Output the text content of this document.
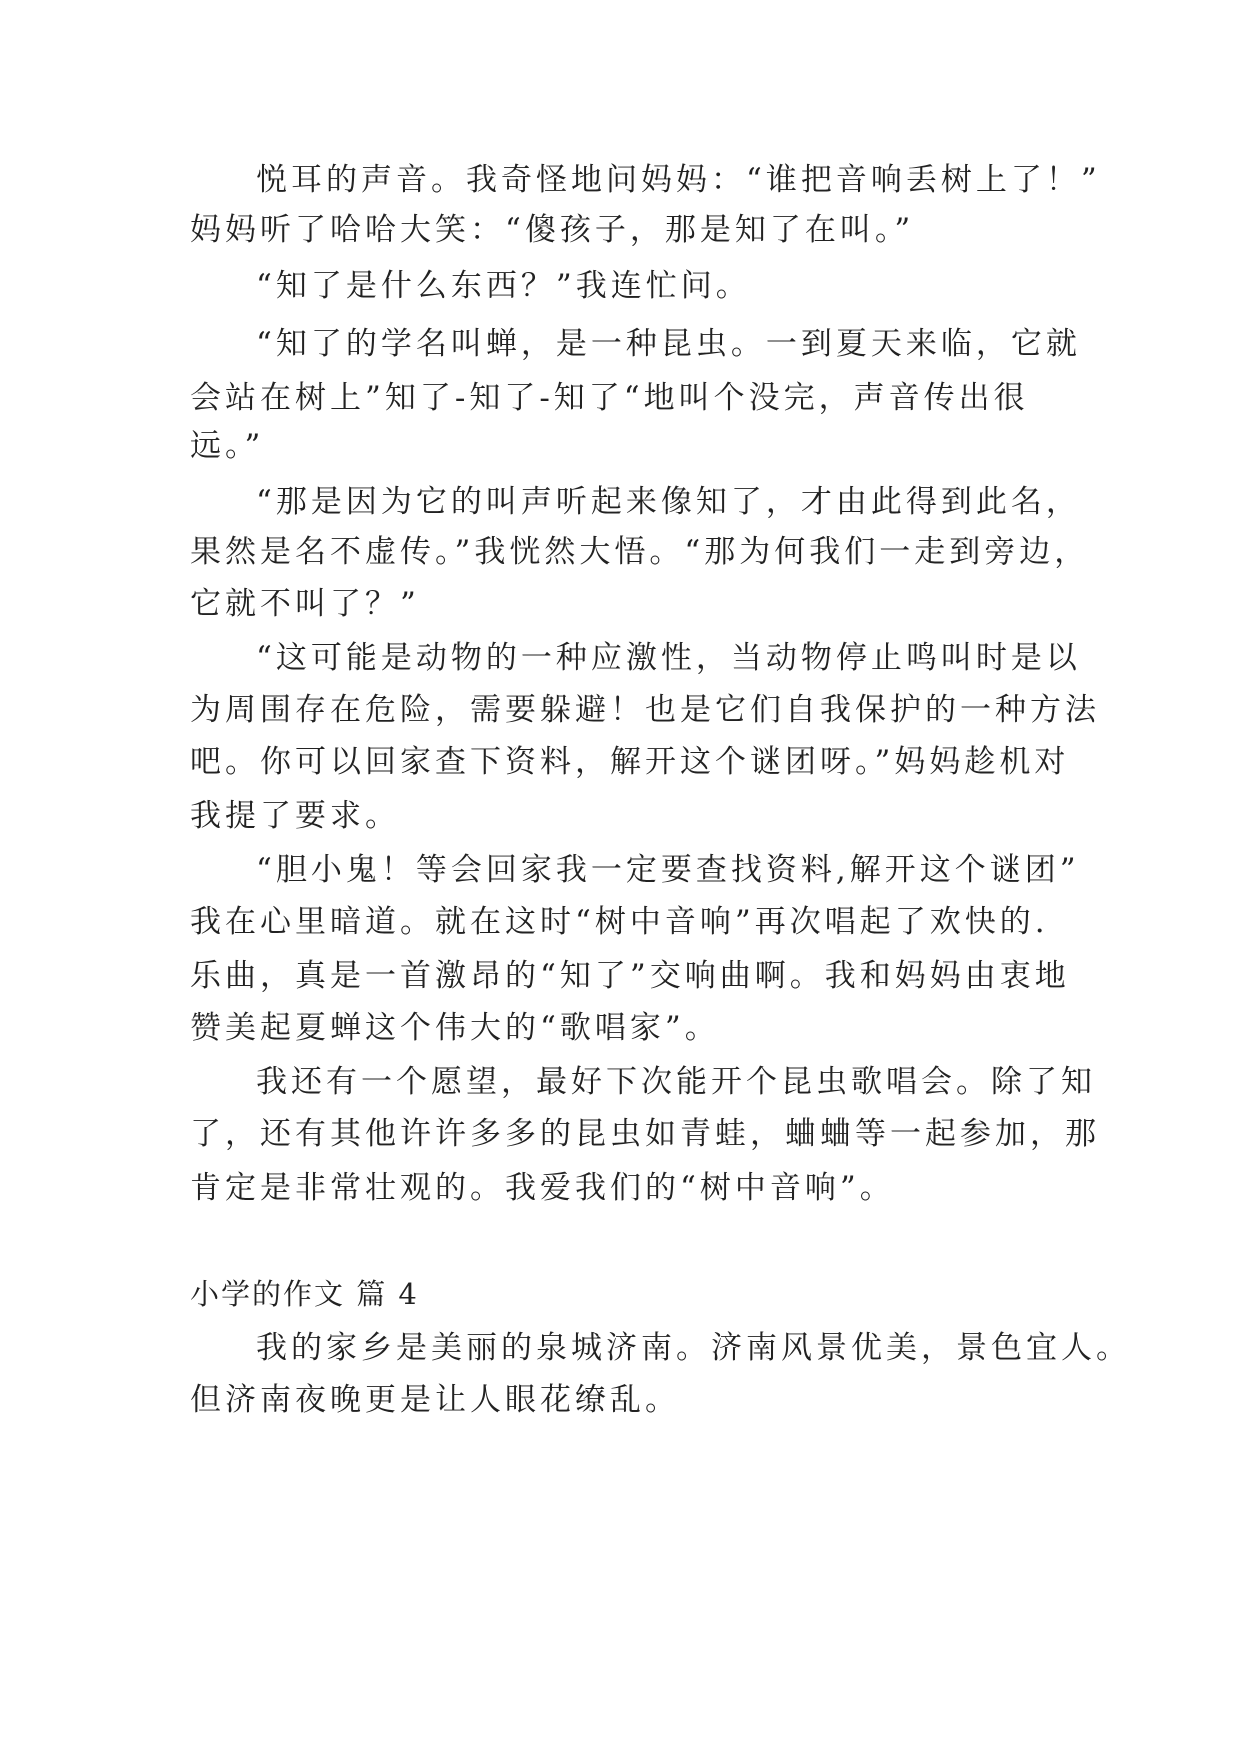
悦耳的声音。我奇怪地问妈妈：“谁把音响丢树上了！”
妈妈听了哈哈大笑：“傻孩子，那是知了在叫。”
“知了是什么东西？”我连忙问。
“知了的学名叫蝉，是一种昆虫。一到夏天来临，它就
会站在树上”知了-知了-知了“地叫个没完，声音传出很
远。”
“那是因为它的叫声听起来像知了，才由此得到此名，
果然是名不虚传。”我恍然大悟。“那为何我们一走到旁边，
它就不叫了？”
“这可能是动物的一种应激性，当动物停止鸣叫时是以
为周围存在危险，需要躲避！也是它们自我保护的一种方法
吧。你可以回家查下资料，解开这个谜团呀。”妈妈趁机对
我提了要求。
“胆小鬼！等会回家我一定要查找资料,解开这个谜团”
我在心里暗道。就在这时“树中音响”再次唱起了欢快的.
乐曲，真是一首激昂的“知了”交响曲啊。我和妈妈由衷地
赞美起夏蝉这个伟大的“歌唱家”。
我还有一个愿望，最好下次能开个昆虫歌唱会。除了知
了，还有其他许许多多的昆虫如青蛙，蛐蛐等一起参加，那
肯定是非常壮观的。我爱我们的“树中音响”。
小学的作文 篇 4
我的家乡是美丽的泉城济南。济南风景优美，景色宜人。
但济南夜晚更是让人眼花缭乱。
